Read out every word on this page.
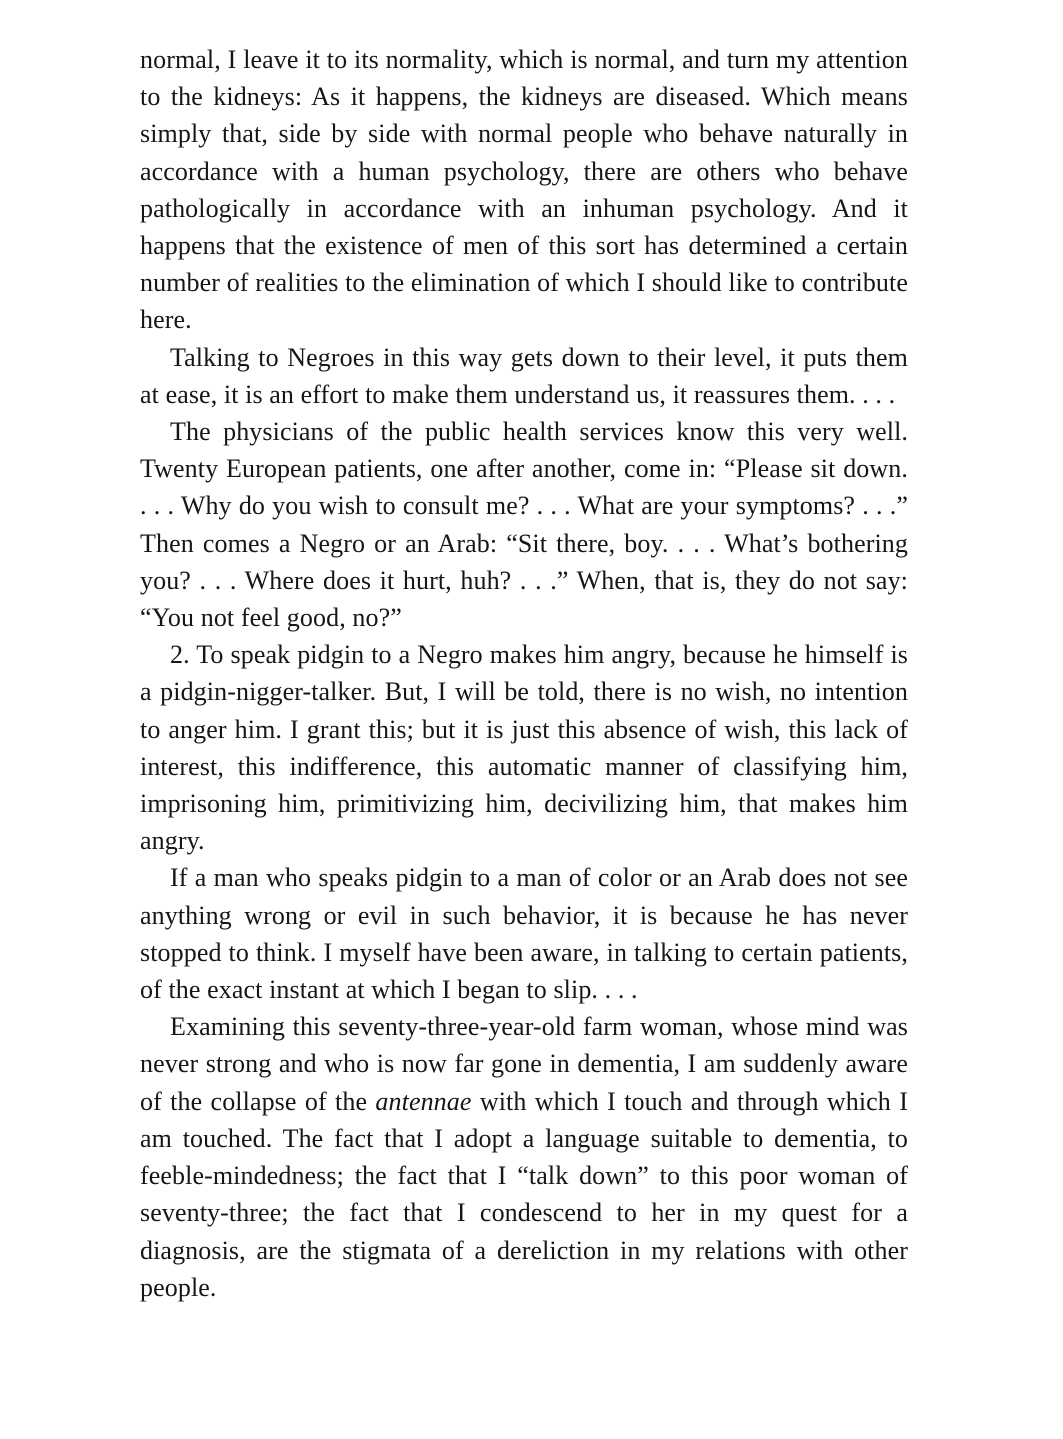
normal, I leave it to its normality, which is normal, and turn my attention to the kidneys: As it happens, the kidneys are diseased. Which means simply that, side by side with normal people who behave naturally in accordance with a human psychology, there are others who behave pathologically in accordance with an inhuman psychology. And it happens that the existence of men of this sort has determined a certain number of realities to the elimination of which I should like to contribute here.

Talking to Negroes in this way gets down to their level, it puts them at ease, it is an effort to make them understand us, it reassures them. . . .

The physicians of the public health services know this very well. Twenty European patients, one after another, come in: “Please sit down. . . . Why do you wish to consult me? . . . What are your symptoms? . . .” Then comes a Negro or an Arab: “Sit there, boy. . . . What’s bothering you? . . . Where does it hurt, huh? . . .” When, that is, they do not say: “You not feel good, no?”

2. To speak pidgin to a Negro makes him angry, because he himself is a pidgin-nigger-talker. But, I will be told, there is no wish, no intention to anger him. I grant this; but it is just this absence of wish, this lack of interest, this indifference, this automatic manner of classifying him, imprisoning him, primitivizing him, decivilizing him, that makes him angry.

If a man who speaks pidgin to a man of color or an Arab does not see anything wrong or evil in such behavior, it is because he has never stopped to think. I myself have been aware, in talking to certain patients, of the exact instant at which I began to slip. . . .

Examining this seventy-three-year-old farm woman, whose mind was never strong and who is now far gone in dementia, I am suddenly aware of the collapse of the antennae with which I touch and through which I am touched. The fact that I adopt a language suitable to dementia, to feeble-mindedness; the fact that I “talk down” to this poor woman of seventy-three; the fact that I condescend to her in my quest for a diagnosis, are the stigmata of a dereliction in my relations with other people.
